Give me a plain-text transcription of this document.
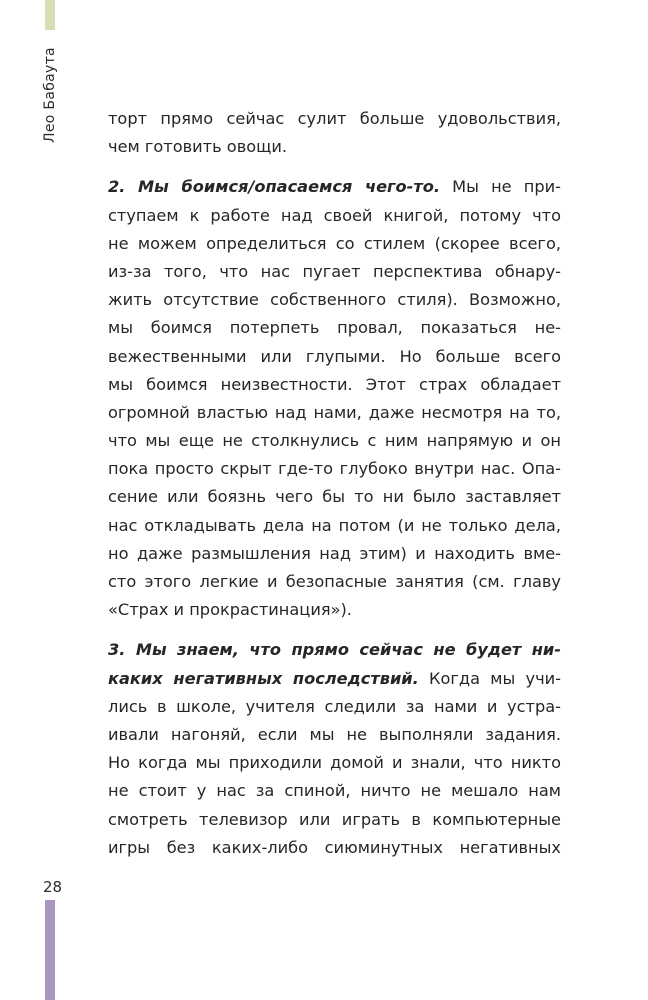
Лео Бабаута	торт прямо сейчас сулит больше удовольствия,
чем готовить овощи.
2. Мы боимся/опасаемся чего-то. Мы не при-
ступаем к работе над своей книгой, потому что
не можем определиться со стилем (скорее всего,
из-за того, что нас пугает перспектива обнару-
жить отсутствие собственного стиля). Возможно,
мы боимся потерпеть провал, показаться не-
вежественными или глупыми. Но больше всего
мы боимся неизвестности. Этот страх обладает
огромной властью над нами, даже несмотря на то,
что мы еще не столкнулись с ним напрямую и он
пока просто скрыт где-то глубоко внутри нас. Опа-
сение или боязнь чего бы то ни было заставляет
нас откладывать дела на потом (и не только дела,
но даже размышления над этим) и находить вме-
сто этого легкие и безопасные занятия (см. главу
«Страх и прокрастинация»).
3. Мы знаем, что прямо сейчас не будет ни-
каких негативных последствий. Когда мы учи-
лись в школе, учителя следили за нами и устра-
ивали нагоняй, если мы не выполняли задания.
Но когда мы приходили домой и знали, что никто
не стоит у нас за спиной, ничто не мешало нам
смотреть телевизор или играть в компьютерные
игры без каких-либо сиюминутных негативных
28
